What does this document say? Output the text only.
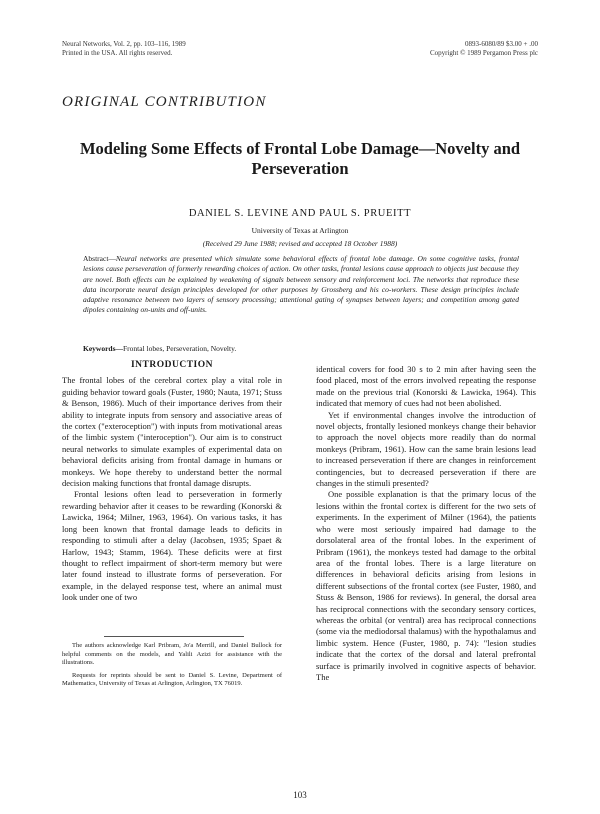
Neural Networks, Vol. 2, pp. 103–116, 1989
Printed in the USA. All rights reserved.
0893-6080/89 $3.00 + .00
Copyright © 1989 Pergamon Press plc
ORIGINAL CONTRIBUTION
Modeling Some Effects of Frontal Lobe Damage—Novelty and Perseveration
DANIEL S. LEVINE AND PAUL S. PRUEITT
University of Texas at Arlington
(Received 29 June 1988; revised and accepted 18 October 1988)
Abstract—Neural networks are presented which simulate some behavioral effects of frontal lobe damage. On some cognitive tasks, frontal lesions cause perseveration of formerly rewarding choices of action. On other tasks, frontal lesions cause approach to objects just because they are novel. Both effects can be explained by weakening of signals between sensory and reinforcement loci. The networks that reproduce these data incorporate neural design principles developed for other purposes by Grossberg and his co-workers. These design principles include adaptive resonance between two layers of sensory processing; attentional gating of synapses between layers; and competition among gated dipoles containing on-units and off-units.
Keywords—Frontal lobes, Perseveration, Novelty.
INTRODUCTION

The frontal lobes of the cerebral cortex play a vital role in guiding behavior toward goals (Fuster, 1980; Nauta, 1971; Stuss & Benson, 1986). Much of their importance derives from their ability to integrate inputs from sensory and associative areas of the cortex ("exteroception") with inputs from motivational areas of the limbic system ("interoception"). Our aim is to construct neural networks to simulate examples of experimental data on behavioral deficits arising from frontal damage in humans or monkeys. We hope thereby to understand better the normal decision making functions that frontal damage disrupts.

Frontal lesions often lead to perseveration in formerly rewarding behavior after it ceases to be rewarding (Konorski & Lawicka, 1964; Milner, 1963, 1964). On various tasks, it has long been known that frontal damage leads to deficits in responding to stimuli after a delay (Jacobsen, 1935; Spaet & Harlow, 1943; Stamm, 1964). These deficits were at first thought to reflect impairment of short-term memory but were later found instead to illustrate forms of perseveration. For example, in the delayed response test, where an animal must look under one of two

The authors acknowledge Karl Pribram, Jo'a Merrill, and Daniel Bullock for helpful comments on the models, and Yalili Azizi for assistance with the illustrations.

Requests for reprints should be sent to Daniel S. Levine, Department of Mathematics, University of Texas at Arlington, Arlington, TX 76019.

identical covers for food 30 s to 2 min after having seen the food placed, most of the errors involved repeating the response made on the previous trial (Konorski & Lawicka, 1964). This indicated that memory of cues had not been abolished.

Yet if environmental changes involve the introduction of novel objects, frontally lesioned monkeys change their behavior to approach the novel objects more readily than do normal monkeys (Pribram, 1961). How can the same brain lesions lead to increased perseveration if there are changes in reinforcement contingencies, but to decreased perseveration if there are changes in the stimuli presented?

One possible explanation is that the primary locus of the lesions within the frontal cortex is different for the two sets of experiments. In the experiment of Milner (1964), the patients who were most seriously impaired had damage to the dorsolateral area of the frontal lobes. In the experiment of Pribram (1961), the monkeys tested had damage to the orbital area of the frontal lobes. There is a large literature on differences in behavioral deficits arising from lesions in different subsections of the frontal cortex (see Fuster, 1980, and Stuss & Benson, 1986 for reviews). In general, the dorsal area has reciprocal connections with the secondary sensory cortices, whereas the orbital (or ventral) area has reciprocal connections (some via the mediodorsal thalamus) with the hypothalamus and limbic system. Hence (Fuster, 1980, p. 74): "lesion studies indicate that the cortex of the dorsal and lateral prefrontal surface is primarily involved in cognitive aspects of behavior. The

103
